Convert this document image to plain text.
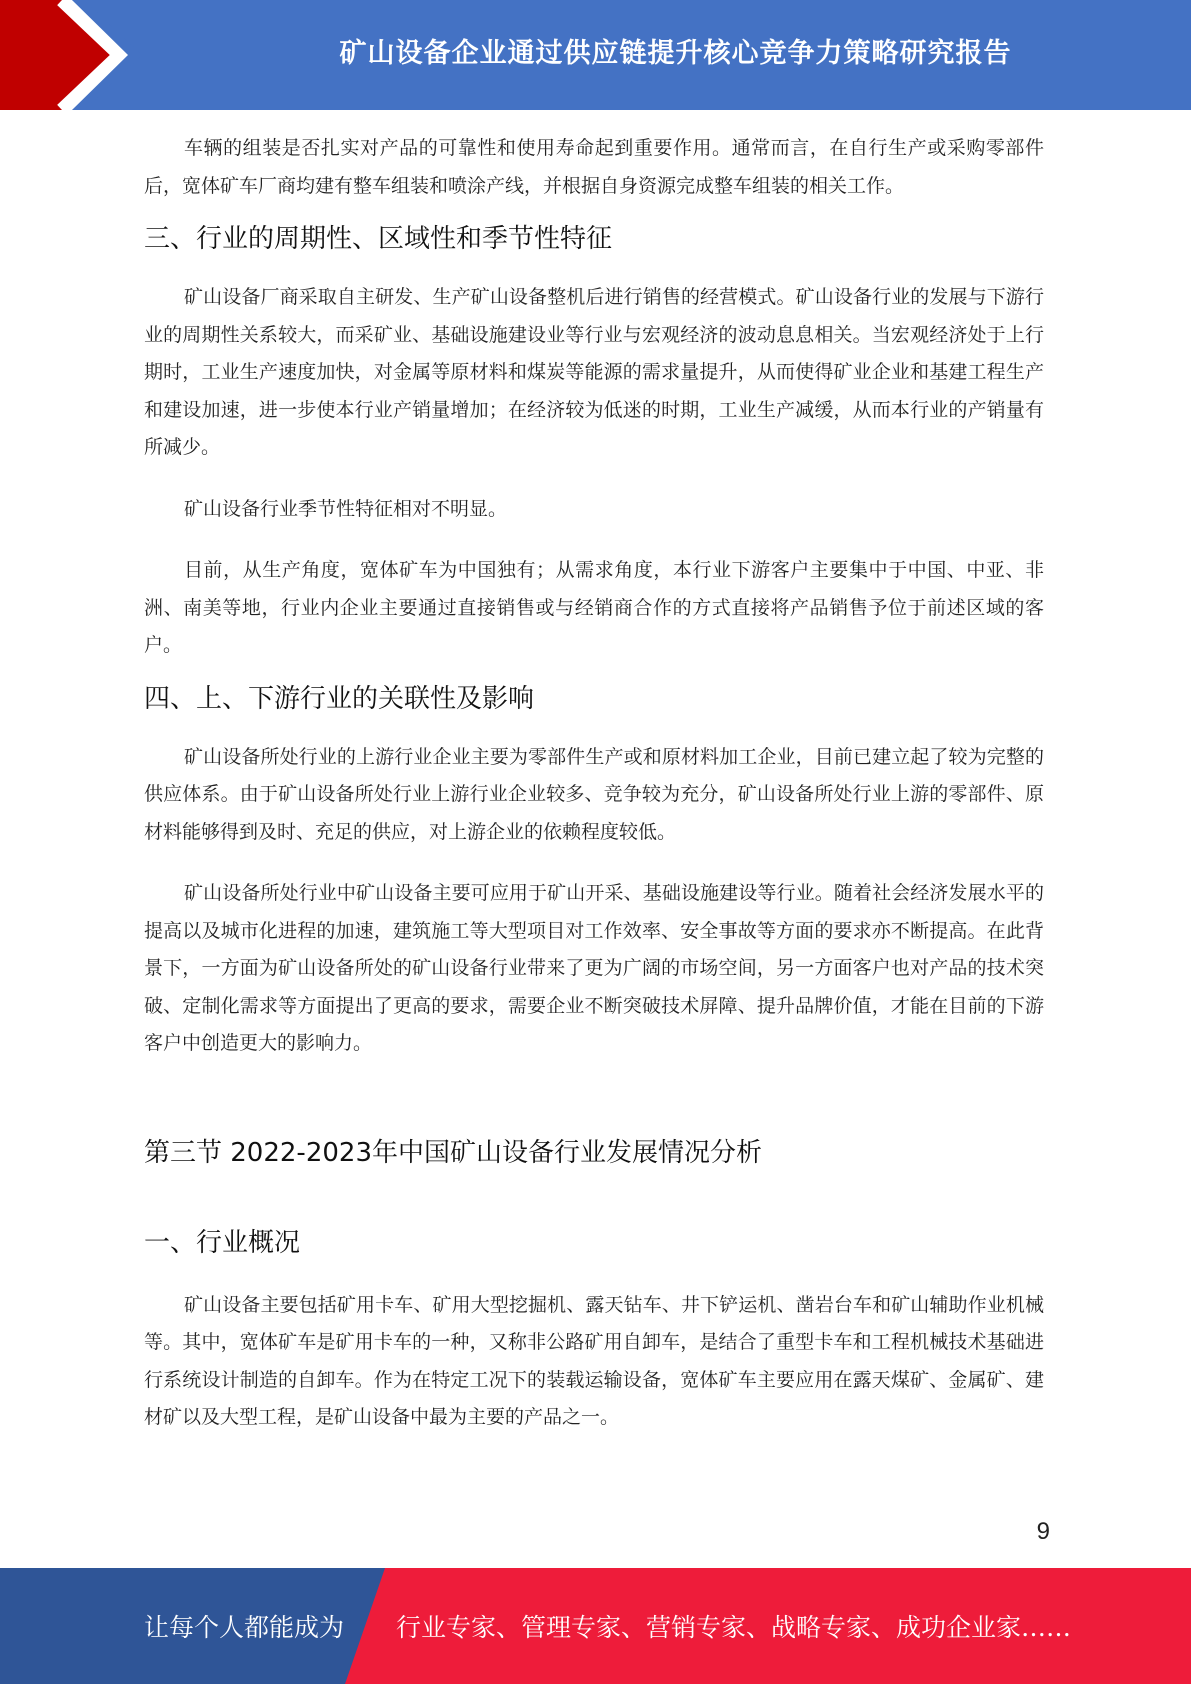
矿山设备企业通过供应链提升核心竞争力策略研究报告

车辆的组装是否扎实对产品的可靠性和使用寿命起到重要作用。通常而言，在自行生产或采购零部件后，宽体矿车厂商均建有整车组装和喷涂产线，并根据自身资源完成整车组装的相关工作。

三、行业的周期性、区域性和季节性特征

矿山设备厂商采取自主研发、生产矿山设备整机后进行销售的经营模式。矿山设备行业的发展与下游行业的周期性关系较大，而采矿业、基础设施建设业等行业与宏观经济的波动息息相关。当宏观经济处于上行期时，工业生产速度加快，对金属等原材料和煤炭等能源的需求量提升，从而使得矿业企业和基建工程生产和建设加速，进一步使本行业产销量增加；在经济较为低迷的时期，工业生产减缓，从而本行业的产销量有所减少。

矿山设备行业季节性特征相对不明显。

目前，从生产角度，宽体矿车为中国独有；从需求角度，本行业下游客户主要集中于中国、中亚、非洲、南美等地，行业内企业主要通过直接销售或与经销商合作的方式直接将产品销售予位于前述区域的客户。

四、上、下游行业的关联性及影响

矿山设备所处行业的上游行业企业主要为零部件生产或和原材料加工企业，目前已建立起了较为完整的供应体系。由于矿山设备所处行业上游行业企业较多、竞争较为充分，矿山设备所处行业上游的零部件、原材料能够得到及时、充足的供应，对上游企业的依赖程度较低。

矿山设备所处行业中矿山设备主要可应用于矿山开采、基础设施建设等行业。随着社会经济发展水平的提高以及城市化进程的加速，建筑施工等大型项目对工作效率、安全事故等方面的要求亦不断提高。在此背景下，一方面为矿山设备所处的矿山设备行业带来了更为广阔的市场空间，另一方面客户也对产品的技术突破、定制化需求等方面提出了更高的要求，需要企业不断突破技术屏障、提升品牌价值，才能在目前的下游客户中创造更大的影响力。

第三节 2022-2023年中国矿山设备行业发展情况分析
一、行业概况

矿山设备主要包括矿用卡车、矿用大型挖掘机、露天钻车、井下铲运机、凿岩台车和矿山辅助作业机械等。其中，宽体矿车是矿用卡车的一种，又称非公路矿用自卸车，是结合了重型卡车和工程机械技术基础进行系统设计制造的自卸车。作为在特定工况下的装载运输设备，宽体矿车主要应用在露天煤矿、金属矿、建材矿以及大型工程，是矿山设备中最为主要的产品之一。

9
让每个人都能成为 行业专家、管理专家、营销专家、战略专家、成功企业家……
